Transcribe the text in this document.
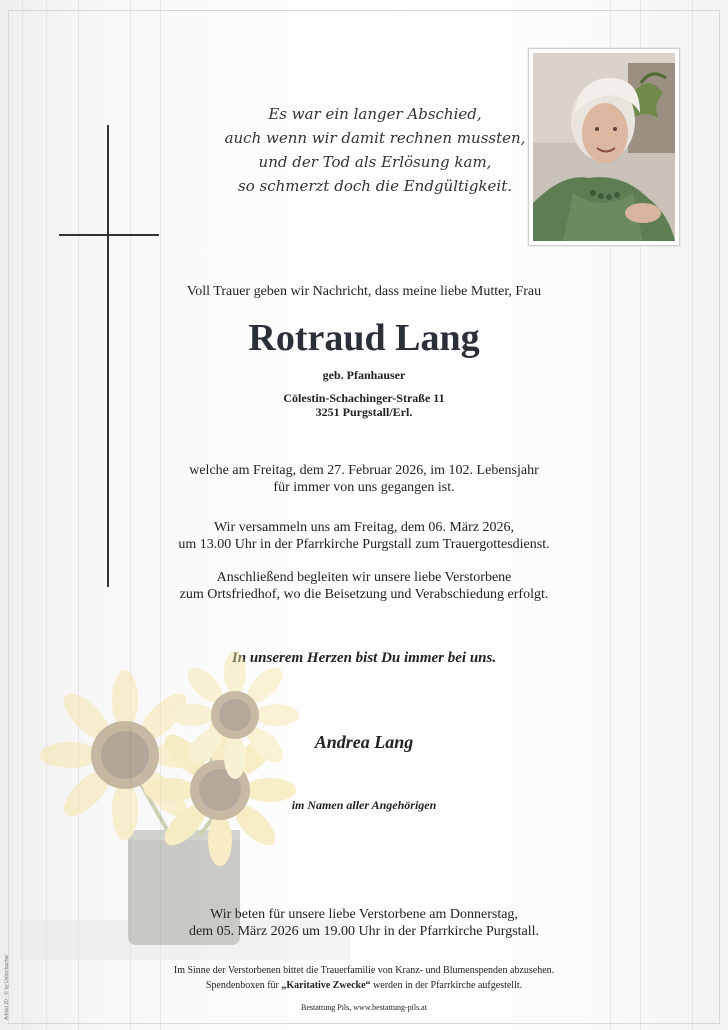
Es war ein langer Abschied,
auch wenn wir damit rechnen mussten,
und der Tod als Erlösung kam,
so schmerzt doch die Endgültigkeit.
Voll Trauer geben wir Nachricht, dass meine liebe Mutter, Frau
Rotraud Lang
geb. Pfanhauser
Cölestin-Schachinger-Straße 11
3251 Purgstall/Erl.
welche am Freitag, dem 27. Februar 2026, im 102. Lebensjahr
für immer von uns gegangen ist.
Wir versammeln uns am Freitag, dem 06. März 2026,
um 13.00 Uhr in der Pfarrkirche Purgstall zum Trauergottesdienst.
Anschließend begleiten wir unsere liebe Verstorbene
zum Ortsfriedhof, wo die Beisetzung und Verabschiedung erfolgt.
In unserem Herzen bist Du immer bei uns.
Andrea Lang
im Namen aller Angehörigen
Wir beten für unsere liebe Verstorbene am Donnerstag,
dem 05. März 2026 um 19.00 Uhr in der Pfarrkirche Purgstall.
Im Sinne der Verstorbenen bittet die Trauerfamilie von Kranz- und Blumenspenden abzusehen.
Spendenboxen für „Karitative Zwecke“ werden in der Pfarrkirche aufgestellt.
Bestattung Pils, www.bestattung-pils.at
Artikel 20 · © by Ueberbacher
